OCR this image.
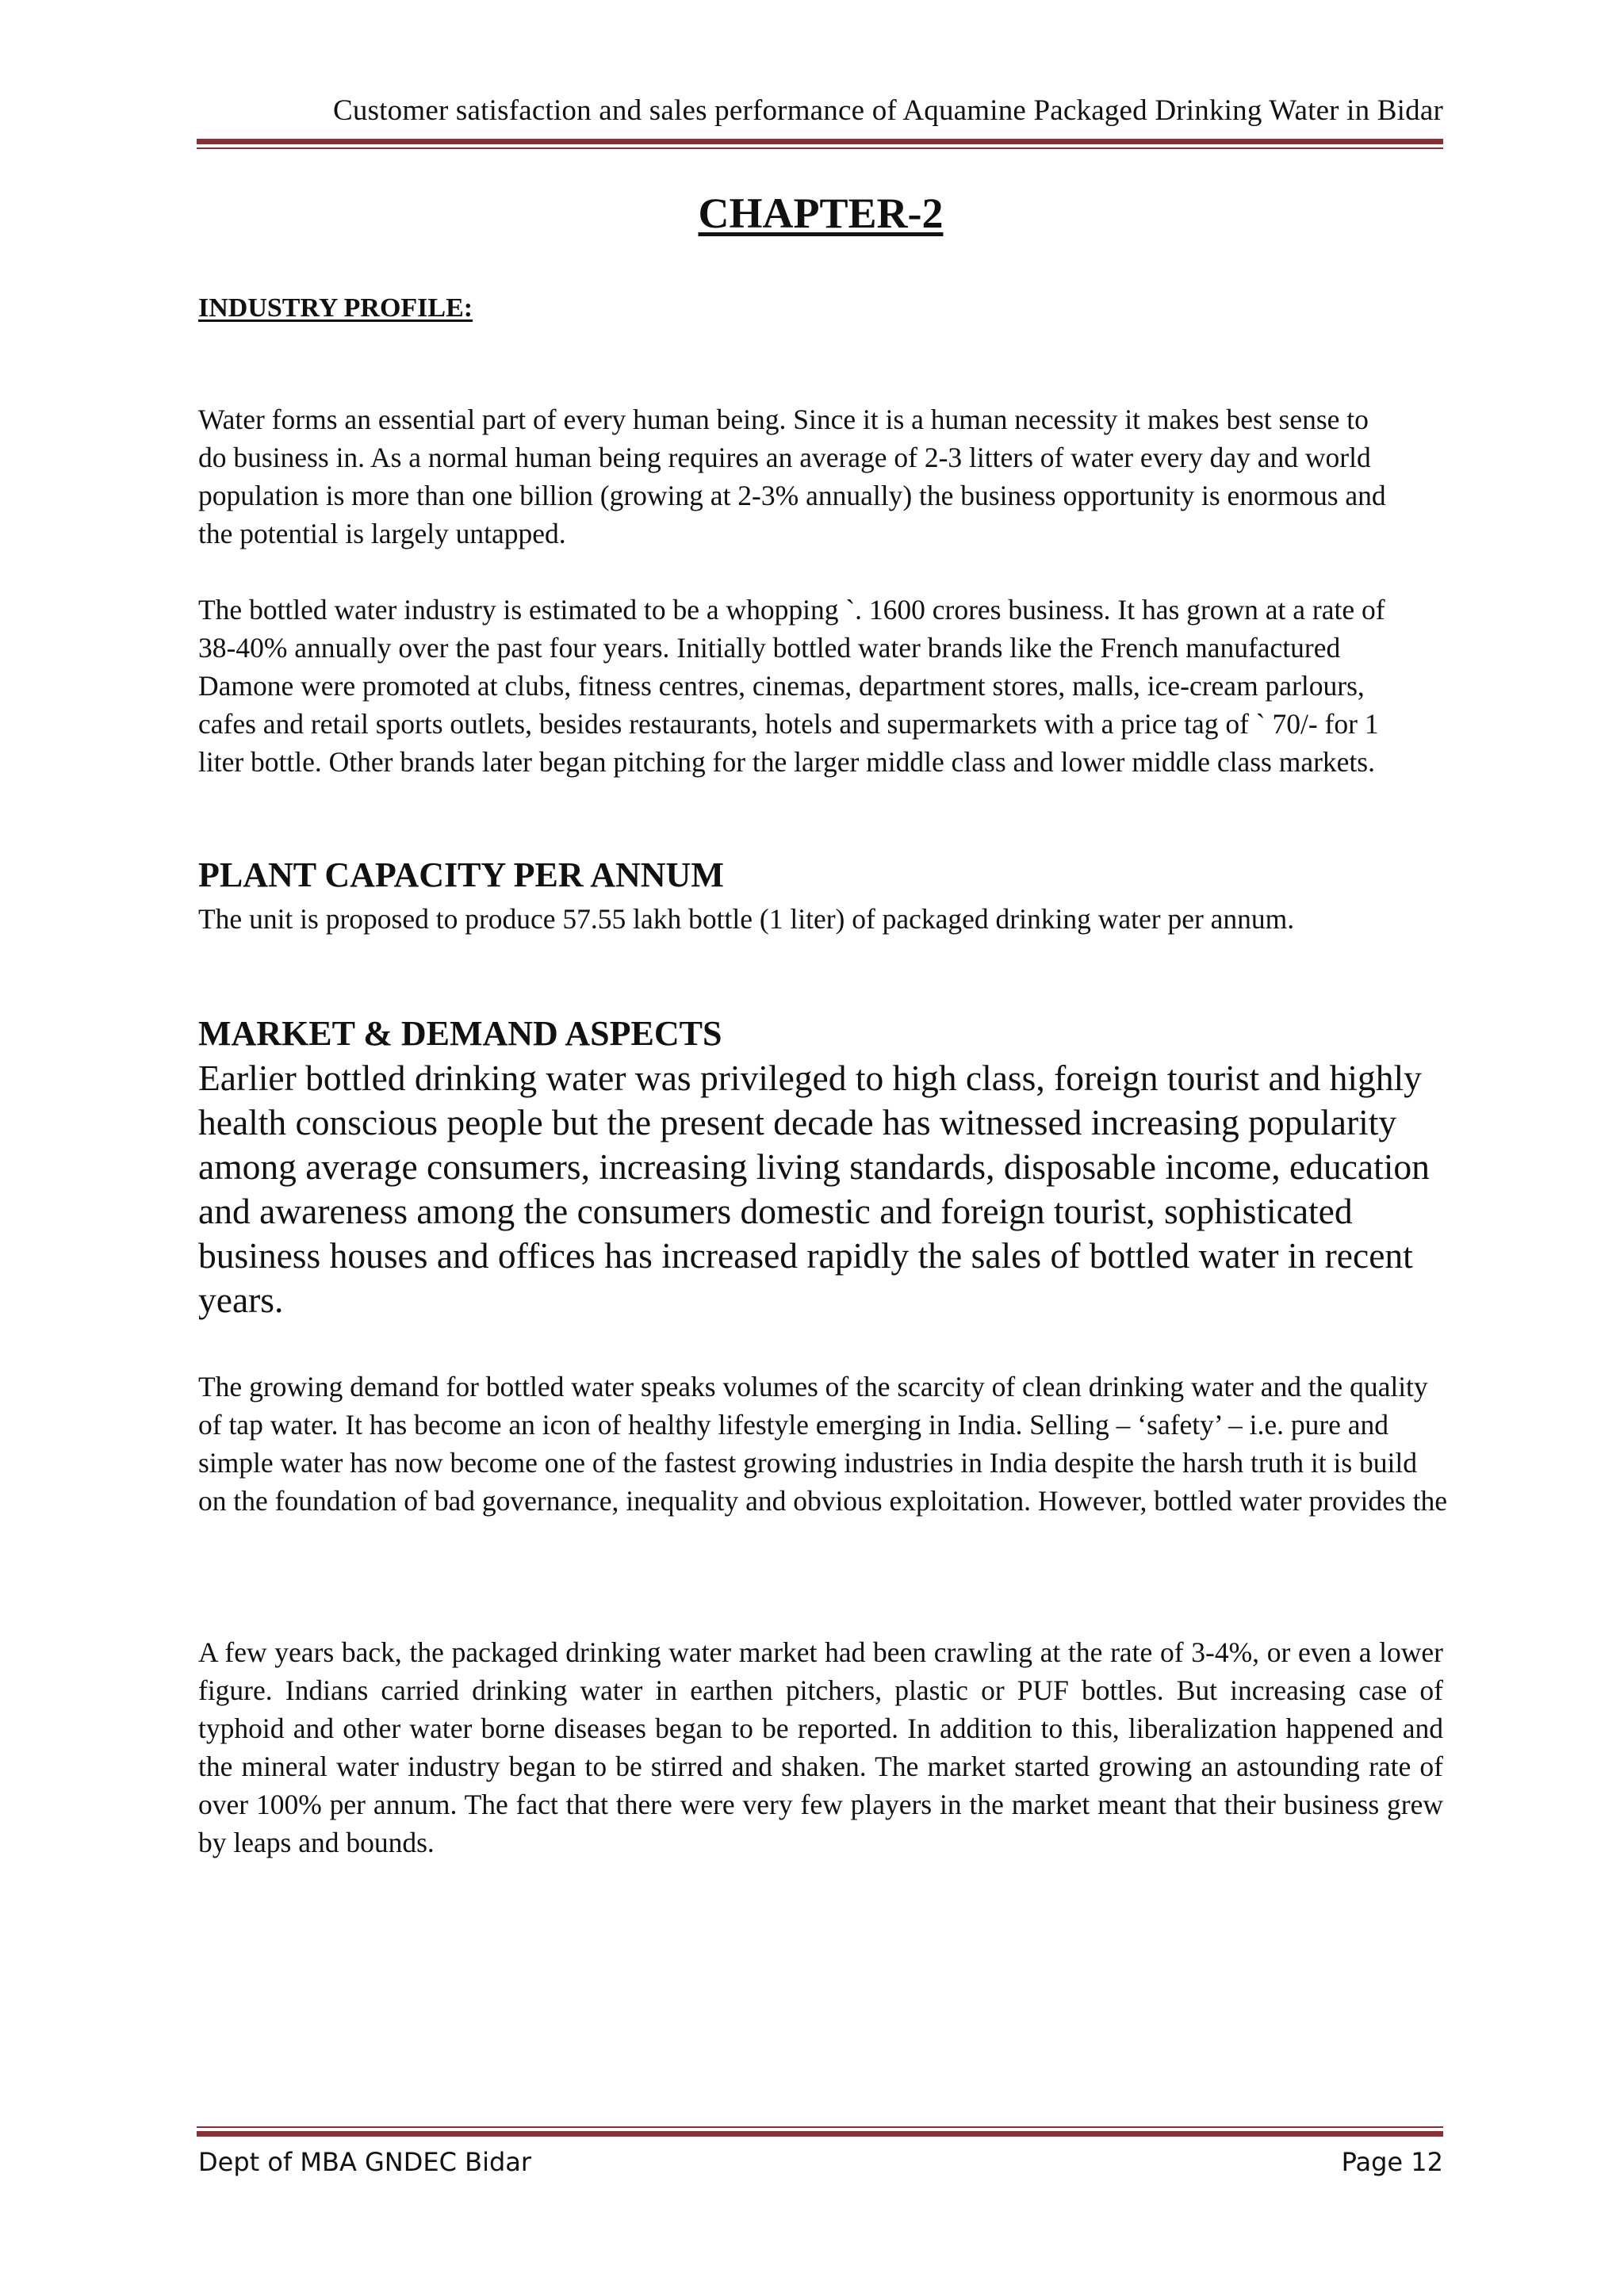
Customer satisfaction and sales performance of Aquamine Packaged Drinking Water in Bidar
CHAPTER-2
INDUSTRY PROFILE:

Water forms an essential part of every human being. Since it is a human necessity it makes best sense to do business in. As a normal human being requires an average of 2-3 litters of water every day and world population is more than one billion (growing at 2-3% annually) the business opportunity is enormous and the potential is largely untapped.

The bottled water industry is estimated to be a whopping `. 1600 crores business. It has grown at a rate of 38-40% annually over the past four years. Initially bottled water brands like the French manufactured Damone were promoted at clubs, fitness centres, cinemas, department stores, malls, ice-cream parlours, cafes and retail sports outlets, besides restaurants, hotels and supermarkets with a price tag of ` 70/- for 1 liter bottle. Other brands later began pitching for the larger middle class and lower middle class markets.

PLANT CAPACITY PER ANNUM

The unit is proposed to produce 57.55 lakh bottle (1 liter) of packaged drinking water per annum.

MARKET & DEMAND ASPECTS

Earlier bottled drinking water was privileged to high class, foreign tourist and highly health conscious people but the present decade has witnessed increasing popularity among average consumers, increasing living standards, disposable income, education and awareness among the consumers domestic and foreign tourist, sophisticated business houses and offices has increased rapidly the sales of bottled water in recent years.

The growing demand for bottled water speaks volumes of the scarcity of clean drinking water and the quality of tap water. It has become an icon of healthy lifestyle emerging in India. Selling – ‘safety’ – i.e. pure and simple water has now become one of the fastest growing industries in India despite the harsh truth it is build on the foundation of bad governance, inequality and obvious exploitation. However, bottled water provides the

A few years back, the packaged drinking water market had been crawling at the rate of 3-4%, or even a lower figure. Indians carried drinking water in earthen pitchers, plastic or PUF bottles. But increasing case of typhoid and other water borne diseases began to be reported. In addition to this, liberalization happened and the mineral water industry began to be stirred and shaken. The market started growing an astounding rate of over 100% per annum. The fact that there were very few players in the market meant that their business grew by leaps and bounds.

Dept of MBA GNDEC Bidar	Page 12
